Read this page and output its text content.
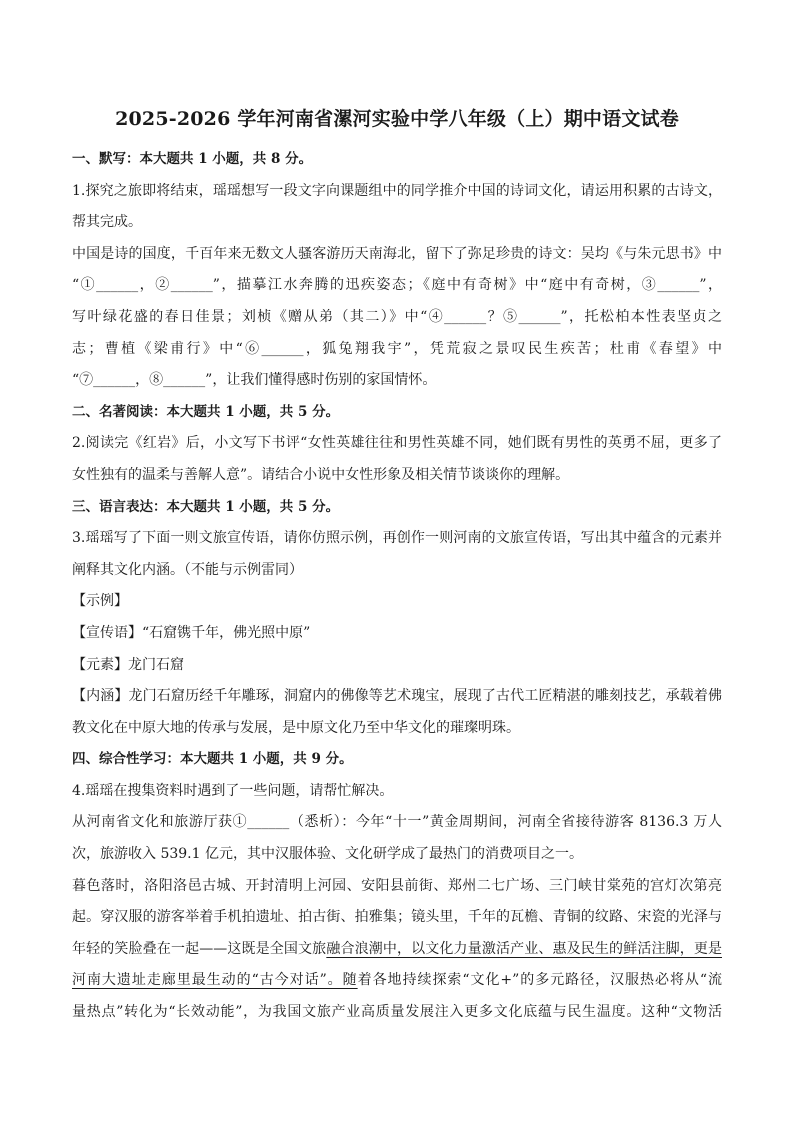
2025-2026 学年河南省漯河实验中学八年级（上）期中语文试卷
一、默写：本大题共 1 小题，共 8 分。
1.探究之旅即将结束，瑶瑶想写一段文字向课题组中的同学推介中国的诗词文化，请运用积累的古诗文，
帮其完成。
中国是诗的国度，千百年来无数文人骚客游历天南海北，留下了弥足珍贵的诗文：吴均《与朱元思书》中
“①______，②______”，描摹江水奔腾的迅疾姿态；《庭中有奇树》中“庭中有奇树，③______”，
写叶绿花盛的春日佳景；刘桢《赠从弟（其二）》中“④______？⑤______”，托松柏本性表坚贞之
志；曹植《梁甫行》中“⑥______，狐兔翔我宇”，凭荒寂之景叹民生疾苦；杜甫《春望》中
“⑦______，⑧______”，让我们懂得感时伤别的家国情怀。
二、名著阅读：本大题共 1 小题，共 5 分。
2.阅读完《红岩》后，小文写下书评“女性英雄往往和男性英雄不同，她们既有男性的英勇不屈，更多了
女性独有的温柔与善解人意”。请结合小说中女性形象及相关情节谈谈你的理解。
三、语言表达：本大题共 1 小题，共 5 分。
3.瑶瑶写了下面一则文旅宣传语，请你仿照示例，再创作一则河南的文旅宣传语，写出其中蕴含的元素并
阐释其文化内涵。（不能与示例雷同）
【示例】
【宣传语】“石窟镌千年，佛光照中原”
【元素】龙门石窟
【内涵】龙门石窟历经千年雕琢，洞窟内的佛像等艺术瑰宝，展现了古代工匠精湛的雕刻技艺，承载着佛
教文化在中原大地的传承与发展，是中原文化乃至中华文化的璀璨明珠。
四、综合性学习：本大题共 1 小题，共 9 分。
4.瑶瑶在搜集资料时遇到了一些问题，请帮忙解决。
从河南省文化和旅游厅获①______（悉析）：今年“十一”黄金周期间，河南全省接待游客 8136.3 万人
次，旅游收入 539.1 亿元，其中汉服体验、文化研学成了最热门的消费项目之一。
暮色落时，洛阳洛邑古城、开封清明上河园、安阳县前街、郑州二七广场、三门峡甘棠苑的宫灯次第亮
起。穿汉服的游客举着手机拍遗址、拍古街、拍雅集；镜头里，千年的瓦檐、青铜的纹路、宋瓷的光泽与
年轻的笑脸叠在一起——这既是全国文旅融合浪潮中，以文化力量激活产业、惠及民生的鲜活注脚，更是
河南大遗址走廊里最生动的“古今对话”。随着各地持续探索“文化+”的多元路径，汉服热必将从“流
量热点”转化为“长效动能”，为我国文旅产业高质量发展注入更多文化底蕴与民生温度。这种“文物活
